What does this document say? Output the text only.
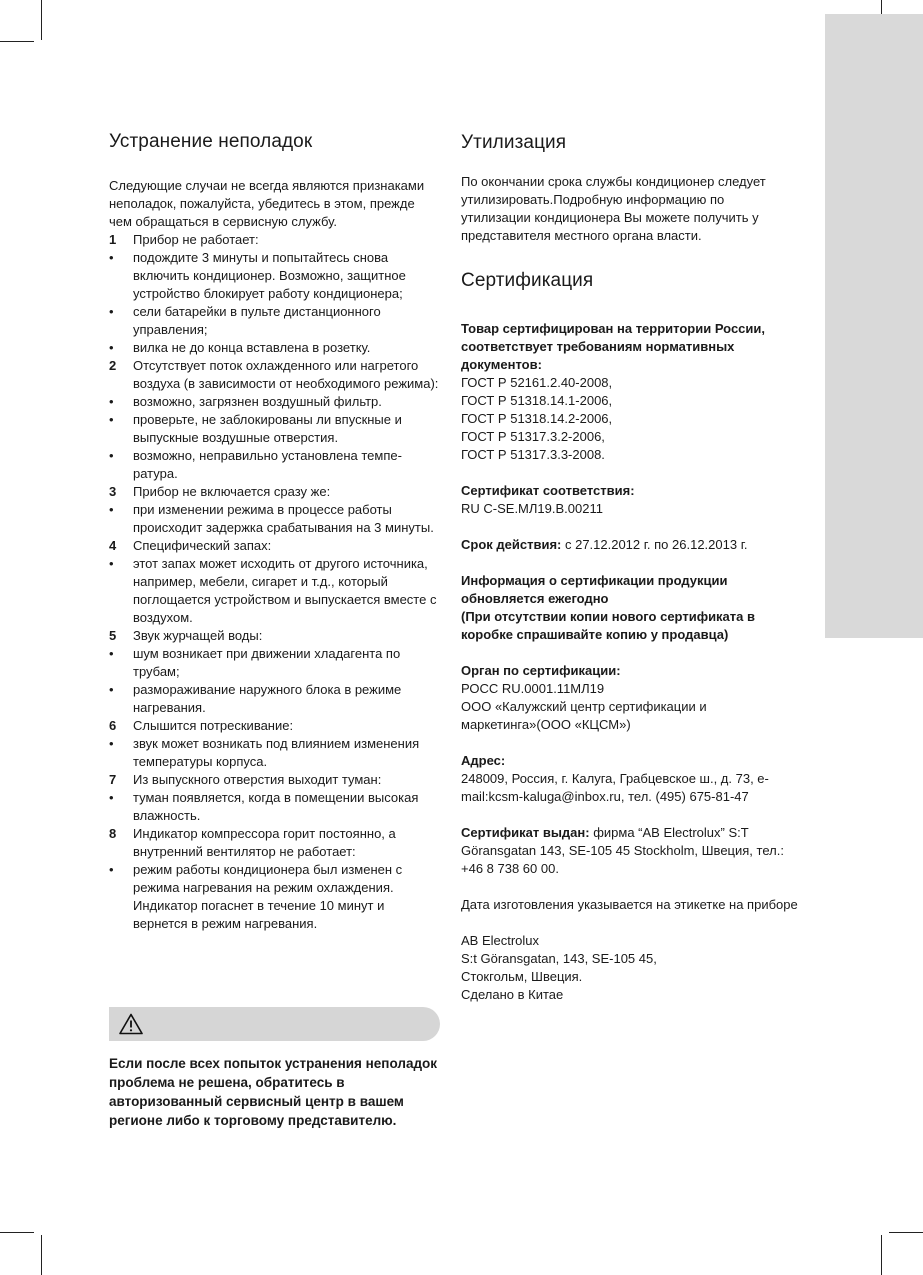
Устранение неполадок

Следующие случаи не всегда являются признаками неполадок, пожалуйста, убедитесь в этом, прежде чем обращаться в сервисную службу.

1 Прибор не работает:
• подождите 3 минуты и попытайтесь снова включить кондиционер. Возможно, защитное устройство блокирует работу кондиционера;
• сели батарейки в пульте дистанционного управления;
• вилка не до конца вставлена в розетку.
2 Отсутствует поток охлажденного или нагретого воздуха (в зависимости от необходимого режима):
• возможно, загрязнен воздушный фильтр.
• проверьте, не заблокированы ли впускные и выпускные воздушные отверстия.
• возможно, неправильно установлена температура.
3 Прибор не включается сразу же:
• при изменении режима в процессе работы происходит задержка срабатывания на 3 минуты.
4 Специфический запах:
• этот запах может исходить от другого источника, например, мебели, сигарет и т.д., который поглощается устройством и выпускается вместе с воздухом.
5 Звук журчащей воды:
• шум возникает при движении хладагента по трубам;
• размораживание наружного блока в режиме нагревания.
6 Слышится потрескивание:
• звук может возникать под влиянием изменения температуры корпуса.
7 Из выпускного отверстия выходит туман:
• туман появляется, когда в помещении высокая влажность.
8 Индикатор компрессора горит постоянно, а внутренний вентилятор не работает:
• режим работы кондиционера был изменен с режима нагревания на режим охлаждения. Индикатор погаснет в течение 10 минут и вернется в режим нагревания.

Если после всех попыток устранения неполадок проблема не решена, обратитесь в авторизованный сервисный центр в вашем регионе либо к торговому представителю.

Утилизация

По окончании срока службы кондиционер следует утилизировать.Подробную информацию по утилизации кондиционера Вы можете получить у представителя местного органа власти.

Сертификация

Товар сертифицирован на территории России, соответствует требованиям нормативных документов:

ГОСТ Р 52161.2.40-2008,

ГОСТ Р 51318.14.1-2006,

ГОСТ Р 51318.14.2-2006,

ГОСТ Р 51317.3.2-2006,

ГОСТ Р 51317.3.3-2008.

Сертификат соответствия:

RU C-SE.МЛ19.В.00211

Срок действия: с 27.12.2012 г. по 26.12.2013 г.

Информация о сертификации продукции обновляется ежегодно

(При отсутствии копии нового сертификата в коробке спрашивайте копию у продавца)

Орган по сертификации:

РОСС RU.0001.11МЛ19

ООО «Калужский центр сертификации и маркетинга»(ООО «КЦСМ»)

Адрес:

248009, Россия, г. Калуга, Грабцевское ш., д. 73, e-mail:kcsm-kaluga@inbox.ru, тел. (495) 675-81-47

Сертификат выдан: фирма “AB Electrolux” S:T Göransgatan 143, SE-105 45 Stockholm, Швеция, тел.: +46 8 738 60 00.

Дата изготовления указывается на этикетке на приборе

AB Electrolux

S:t Göransgatan, 143, SE-105 45,

Стокгольм, Швеция.

Сделано в Китае
